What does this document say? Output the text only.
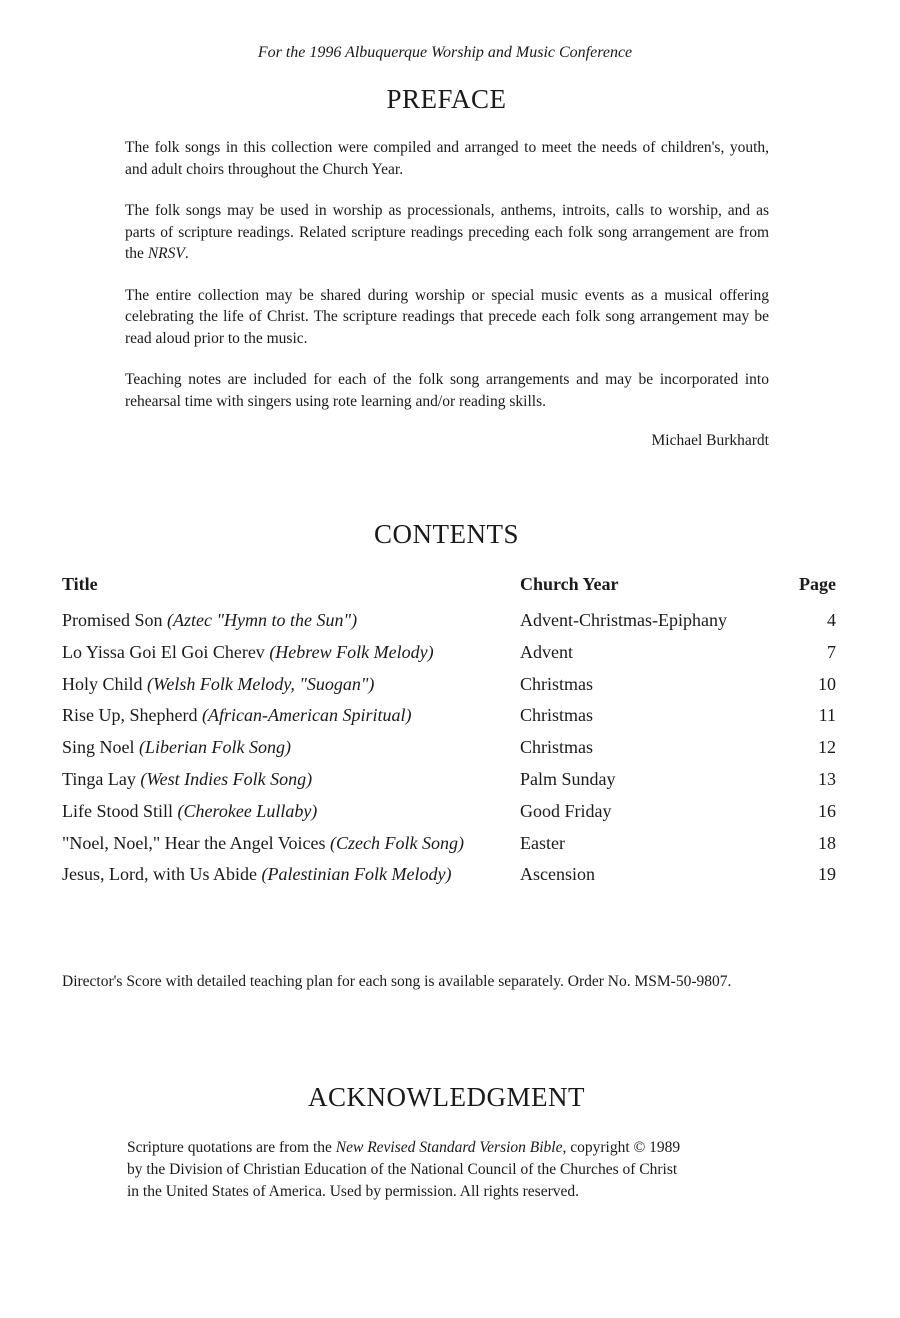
For the 1996 Albuquerque Worship and Music Conference
PREFACE

The folk songs in this collection were compiled and arranged to meet the needs of children's, youth, and adult choirs throughout the Church Year.

The folk songs may be used in worship as processionals, anthems, introits, calls to worship, and as parts of scripture readings. Related scripture readings preceding each folk song arrangement are from the NRSV.

The entire collection may be shared during worship or special music events as a musical offering celebrating the life of Christ. The scripture readings that precede each folk song arrangement may be read aloud prior to the music.

Teaching notes are included for each of the folk song arrangements and may be incorporated into rehearsal time with singers using rote learning and/or reading skills.

Michael Burkhardt
CONTENTS
Title	Church Year	Page
Promised Son (Aztec "Hymn to the Sun")	Advent-Christmas-Epiphany	4
Lo Yissa Goi El Goi Cherev (Hebrew Folk Melody)	Advent	7
Holy Child (Welsh Folk Melody, "Suogan")	Christmas	10
Rise Up, Shepherd (African-American Spiritual)	Christmas	11
Sing Noel (Liberian Folk Song)	Christmas	12
Tinga Lay (West Indies Folk Song)	Palm Sunday	13
Life Stood Still (Cherokee Lullaby)	Good Friday	16
"Noel, Noel," Hear the Angel Voices (Czech Folk Song)	Easter	18
Jesus, Lord, with Us Abide (Palestinian Folk Melody)	Ascension	19
Director's Score with detailed teaching plan for each song is available separately. Order No. MSM-50-9807.
ACKNOWLEDGMENT
Scripture quotations are from the New Revised Standard Version Bible, copyright © 1989
by the Division of Christian Education of the National Council of the Churches of Christ
in the United States of America. Used by permission. All rights reserved.
